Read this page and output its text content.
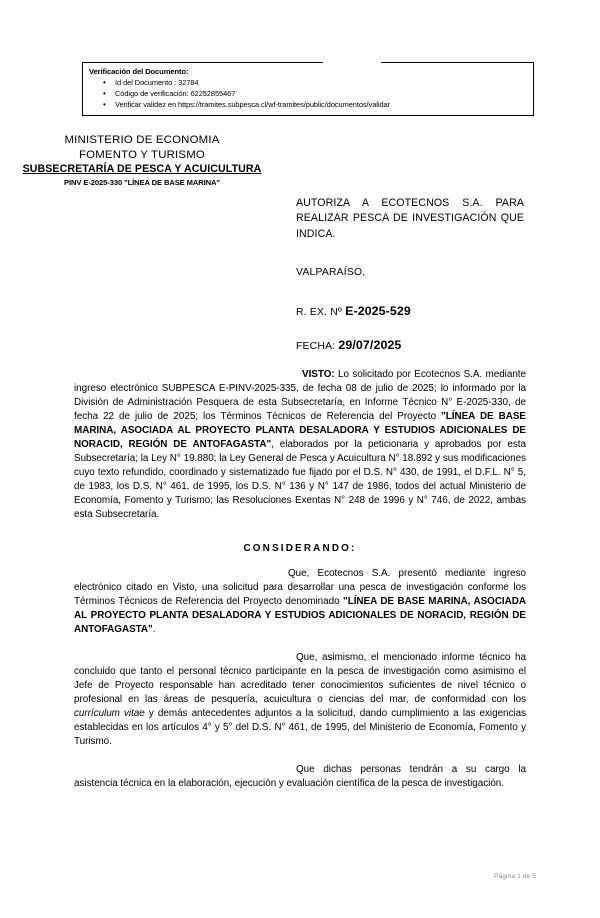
Verificación del Documento:
• Id del Documento : 32784
• Código de verificación: 62252855467
• Verificar validez en https://tramites.subpesca.cl/wf-tramites/public/documentos/validar
MINISTERIO DE ECONOMIA
FOMENTO Y TURISMO
SUBSECRETARÍA DE PESCA Y ACUICULTURA
PINV E-2025-330 "LÍNEA DE BASE MARINA"
AUTORIZA A ECOTECNOS S.A. PARA REALIZAR PESCA DE INVESTIGACIÓN QUE INDICA.
VALPARAÍSO,
R. EX. Nº E-2025-529
FECHA: 29/07/2025

VISTO: Lo solicitado por Ecotecnos S.A. mediante ingreso electrónico SUBPESCA E-PINV-2025-335, de fecha 08 de julio de 2025; lo informado por la División de Administración Pesquera de esta Subsecretaría, en Informe Técnico N° E-2025-330, de fecha 22 de julio de 2025; los Términos Técnicos de Referencia del Proyecto "LÍNEA DE BASE MARINA, ASOCIADA AL PROYECTO PLANTA DESALADORA Y ESTUDIOS ADICIONALES DE NORACID, REGIÓN DE ANTOFAGASTA", elaborados por la peticionaria y aprobados por esta Subsecretaría; la Ley N° 19.880; la Ley General de Pesca y Acuicultura N° 18.892 y sus modificaciones cuyo texto refundido, coordinado y sistematizado fue fijado por el D.S. N° 430, de 1991, el D.F.L. N° 5, de 1983, los D.S. N° 461, de 1995, los D.S. N° 136 y N° 147 de 1986, todos del actual Ministerio de Economía, Fomento y Turismo; las Resoluciones Exentas N° 248 de 1996 y N° 746, de 2022, ambas esta Subsecretaría.

CONSIDERANDO:

Que, Ecotecnos S.A. presentó mediante ingreso electrónico citado en Visto, una solicitud para desarrollar una pesca de investigación conforme los Términos Técnicos de Referencia del Proyecto denominado "LÍNEA DE BASE MARINA, ASOCIADA AL PROYECTO PLANTA DESALADORA Y ESTUDIOS ADICIONALES DE NORACID, REGIÓN DE ANTOFAGASTA".

Que, asimismo, el mencionado informe técnico ha concluido que tanto el personal técnico participante en la pesca de investigación como asimismo el Jefe de Proyecto responsable han acreditado tener conocimientos suficientes de nivel técnico o profesional en las áreas de pesquería, acuicultura o ciencias del mar, de conformidad con los currículum vitae y demás antecedentes adjuntos a la solicitud, dando cumplimiento a las exigencias establecidas en los artículos 4° y 5° del D.S. N° 461, de 1995, del Ministerio de Economía, Fomento y Turismo.

Que dichas personas tendrán a su cargo la asistencia técnica en la elaboración, ejecución y evaluación científica de la pesca de investigación.

Página 1 de 5
